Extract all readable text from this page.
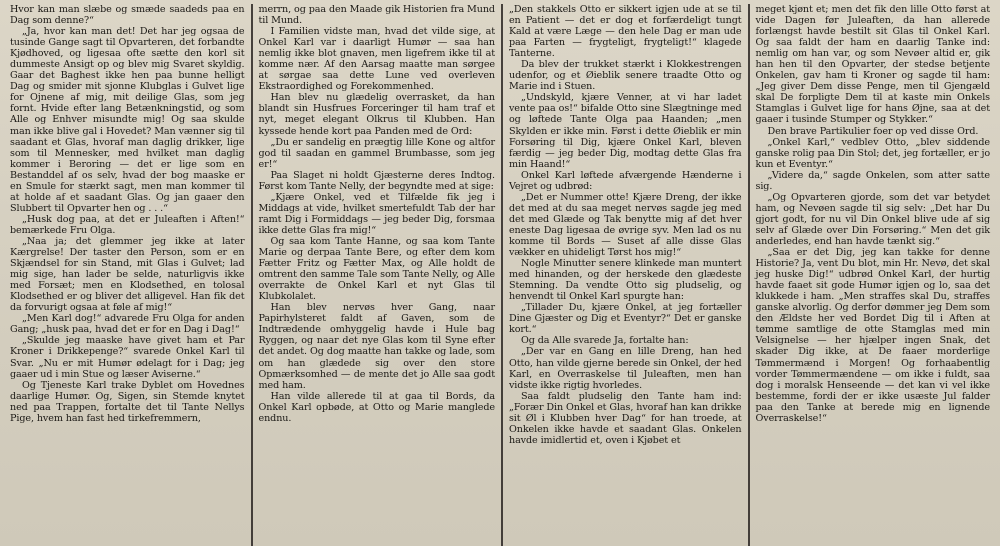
Hvor kan man slæbe og smæde saadeds paa en Dag som denne?“

„Ja, hvor kan man det! Det har jeg ogsaa de tusinde Gange sagt til Opvarteren, det forbandte Kjødhoved, og ligesaa ofte sætte den korl sit dummeste Ansigt op og blev mig Svaret skyldig. Gaar det Baghest ikke hen paa bunne helligt Dag og smider mit sjonne Klubglas i Gulvet lige for Ojnene af mig, mit deilige Glas, som jeg fornt. Hvide efter lang Betænkningstid, og som Alle og Enhver misundte mig! Og saa skulde man ikke blive gal i Hovedet? Man vænner sig til saadant et Glas, hvoraf man daglig drikker, lige som til Mennesker, med hvilket man daglig kommer i Beroring — det er lige som en Bestanddel af os selv, hvad der bog maaske er en Smule for stærkt sagt, men man kommer til at holde af et saadant Glas. Og jan gaaer den Slubbert til Opvarter hen og . . .“

„Husk dog paa, at det er Juleaften i Aften!“ bemærkede Fru Olga.

„Naa ja; det glemmer jeg ikke at later Kærgrelse! Der taster den Person, som er en Skjændsel for sin Stand, mit Glas i Gulvet; lad mig sige, han lader be selde, naturligvis ikke med Forsæt; men en Klodsethed, en tolosal Klodsethed er og bliver det alligevel. Han fik det da forvurigt ogsaa at føle af mig!“

„Men Karl dog!“ advarede Fru Olga for anden Gang; „husk paa, hvad det er for en Dag i Dag!“

„Skulde jeg maaske have givet ham et Par Kroner i Drikkepenge?“ svarede Onkel Karl til Svar. „Nu er mit Humør ødelagt for i Dag; jeg gaaer ud i min Stue og læser Aviserne.“

Og Tjeneste Karl trake Dyblet om Hovednes daarlige Humør. Og, Sigen, sin Stemde knytet ned paa Trappen, fortalte det til Tante Nellys Pige, hvem han fast hed tirkefremmern,

merrn, og paa den Maade gik Historien fra Mund til Mund.

I Familien vidste man, hvad det vilde sige, at Onkel Karl var i daarligt Humør — saa han nemlig ikke blot gnaven, men ligefrem ikke til at komme nær. Af den Aarsag maatte man sørgee at sørgae saa dette Lune ved overleven Ekstraordighed og Forekommenhed.

Han blev nu glædelig overrasket, da han blandt sin Husfrues Forceringer til ham traf et nyt, meget elegant Olkrus til Klubben. Han kyssede hende kort paa Panden med de Ord:

„Du er sandelig en prægtig lille Kone og altfor god til saadan en gammel Brumbasse, som jeg er!“

Paa Slaget ni holdt Gjæsterne deres Indtog. Først kom Tante Nelly, der begyndte med at sige:

„Kjære Onkel, ved et Tilfælde fik jeg i Middags at vide, hvilket smertefuldt Tab der har ramt Dig i Formiddags — jeg beder Dig, forsmaa ikke dette Glas fra mig!“

Og saa kom Tante Hanne, og saa kom Tante Marie og derpaa Tante Bere, og efter dem kom Fætter Fritz og Fætter Max, og Alle holdt de omtrent den samme Tale som Tante Nelly, og Alle overrakte de Onkel Karl et nyt Glas til Klubkolalet.

Han blev nervøs hver Gang, naar Papirhylsteret faldt af Gaven, som de Indtrædende omhyggelig havde i Hule bag Ryggen, og naar det nye Glas kom til Syne efter det andet. Og dog maatte han takke og lade, som om han glædede sig over den store Opmærksomhed — de mente det jo Alle saa godt med ham.

Han vilde allerede til at gaa til Bords, da Onkel Karl opbøde, at Otto og Marie manglede endnu.

„Den stakkels Otto er sikkert igjen ude at se til en Patient — det er dog et forfærdeligt tungt Kald at være Læge — den hele Dag er man ude paa Farten — frygteligt, frygteligt!“ klagede Tanterne.

Da blev der trukket stærkt i Klokkestrengen udenfor, og et Øieblik senere traadte Otto og Marie ind i Stuen.

„Undskyld, kjære Venner, at vi har ladet vente paa os!“ bifalde Otto sine Slægtninge med og løftede Tante Olga paa Haanden; „men Skylden er ikke min. Først i dette Øieblik er min Forsøring til Dig, kjære Onkel Karl, bleven færdig — jeg beder Dig, modtag dette Glas fra min Haand!“

Onkel Karl løftede afværgende Hænderne i Vejret og udbrød:

„Det er Nummer otte! Kjære Dreng, der ikke det med at du saa meget nervøs sagde jeg med det med Glæde og Tak benytte mig af det hver eneste Dag ligesaa de øvrige syv. Men lad os nu komme til Bords — Suset af alle disse Glas vækker en uhideligt Tørst hos mig!“

Nogle Minutter senere klinkede man muntert med hinanden, og der herskede den glædeste Stemning. Da vendte Otto sig pludselig, og henvendt til Onkel Karl spurgte han:

„Tillader Du, kjære Onkel, at jeg fortæller Dine Gjæster og Dig et Eventyr?“ Det er ganske kort.“

Og da Alle svarede Ja, fortalte han:

„Der var en Gang en lille Dreng, han hed Otto, han vilde gjerne berede sin Onkel, der hed Karl, en Overraskelse til Juleaften, men han vidste ikke rigtig hvorledes.

Saa faldt pludselig den Tante ham ind: „Forær Din Onkel et Glas, hvoraf han kan drikke sit Øl i Klubben hver Dag“ for han troede, at Onkelen ikke havde et saadant Glas. Onkelen havde imidlertid et, oven i Kjøbet et

meget kjønt et; men det fik den lille Otto først at vide Dagen før Juleaften, da han allerede forlængst havde bestilt sit Glas til Onkel Karl. Og saa faldt der ham en daarlig Tanke ind: nemlig om han var, og som Nevøer altid er, gik han hen til den Opvarter, der stedse betjente Onkelen, gav ham ti Kroner og sagde til ham: „Jeg giver Dem disse Penge, men til Gjengæld skal De forpligte Dem til at kaste min Onkels Stamglas i Gulvet lige for hans Øjne, saa at det gaaer i tusinde Stumper og Stykker.“

Den brave Partikulier foer op ved disse Ord.

„Onkel Karl,“ vedblev Otto, „blev siddende ganske rolig paa Din Stol; det, jeg fortæller, er jo kun et Eventyr.“

„Videre da,“ sagde Onkelen, som atter satte sig.

„Og Opvarteren gjorde, som det var betydet ham, og Nevøen sagde til sig selv: „Det har Du gjort godt, for nu vil Din Onkel blive ude af sig selv af Glæde over Din Forsøring.“ Men det gik anderledes, end han havde tænkt sig.“

„Saa er det Dig, jeg kan takke for denne Historie? Ja, vent Du blot, min Hr. Nevø, det skal jeg huske Dig!“ udbrød Onkel Karl, der hurtig havde faaet sit gode Humør igjen og lo, saa det klukkede i ham. „Men straffes skal Du, straffes ganske alvorlig. Og derfor dømmer jeg Dem som den Ældste her ved Bordet Dig til i Aften at tømme samtlige de otte Stamglas med min Velsignelse — her hjælper ingen Snak, det skader Dig ikke, at De faaer morderlige Tømmermænd i Morgen! Og forhaabentlig vorder Tømmermændene — om ikke i fuldt, saa dog i moralsk Henseende — det kan vi vel ikke bestemme, fordi der er ikke usæste Jul falder paa den Tanke at berede mig en lignende Overraskelse!“
